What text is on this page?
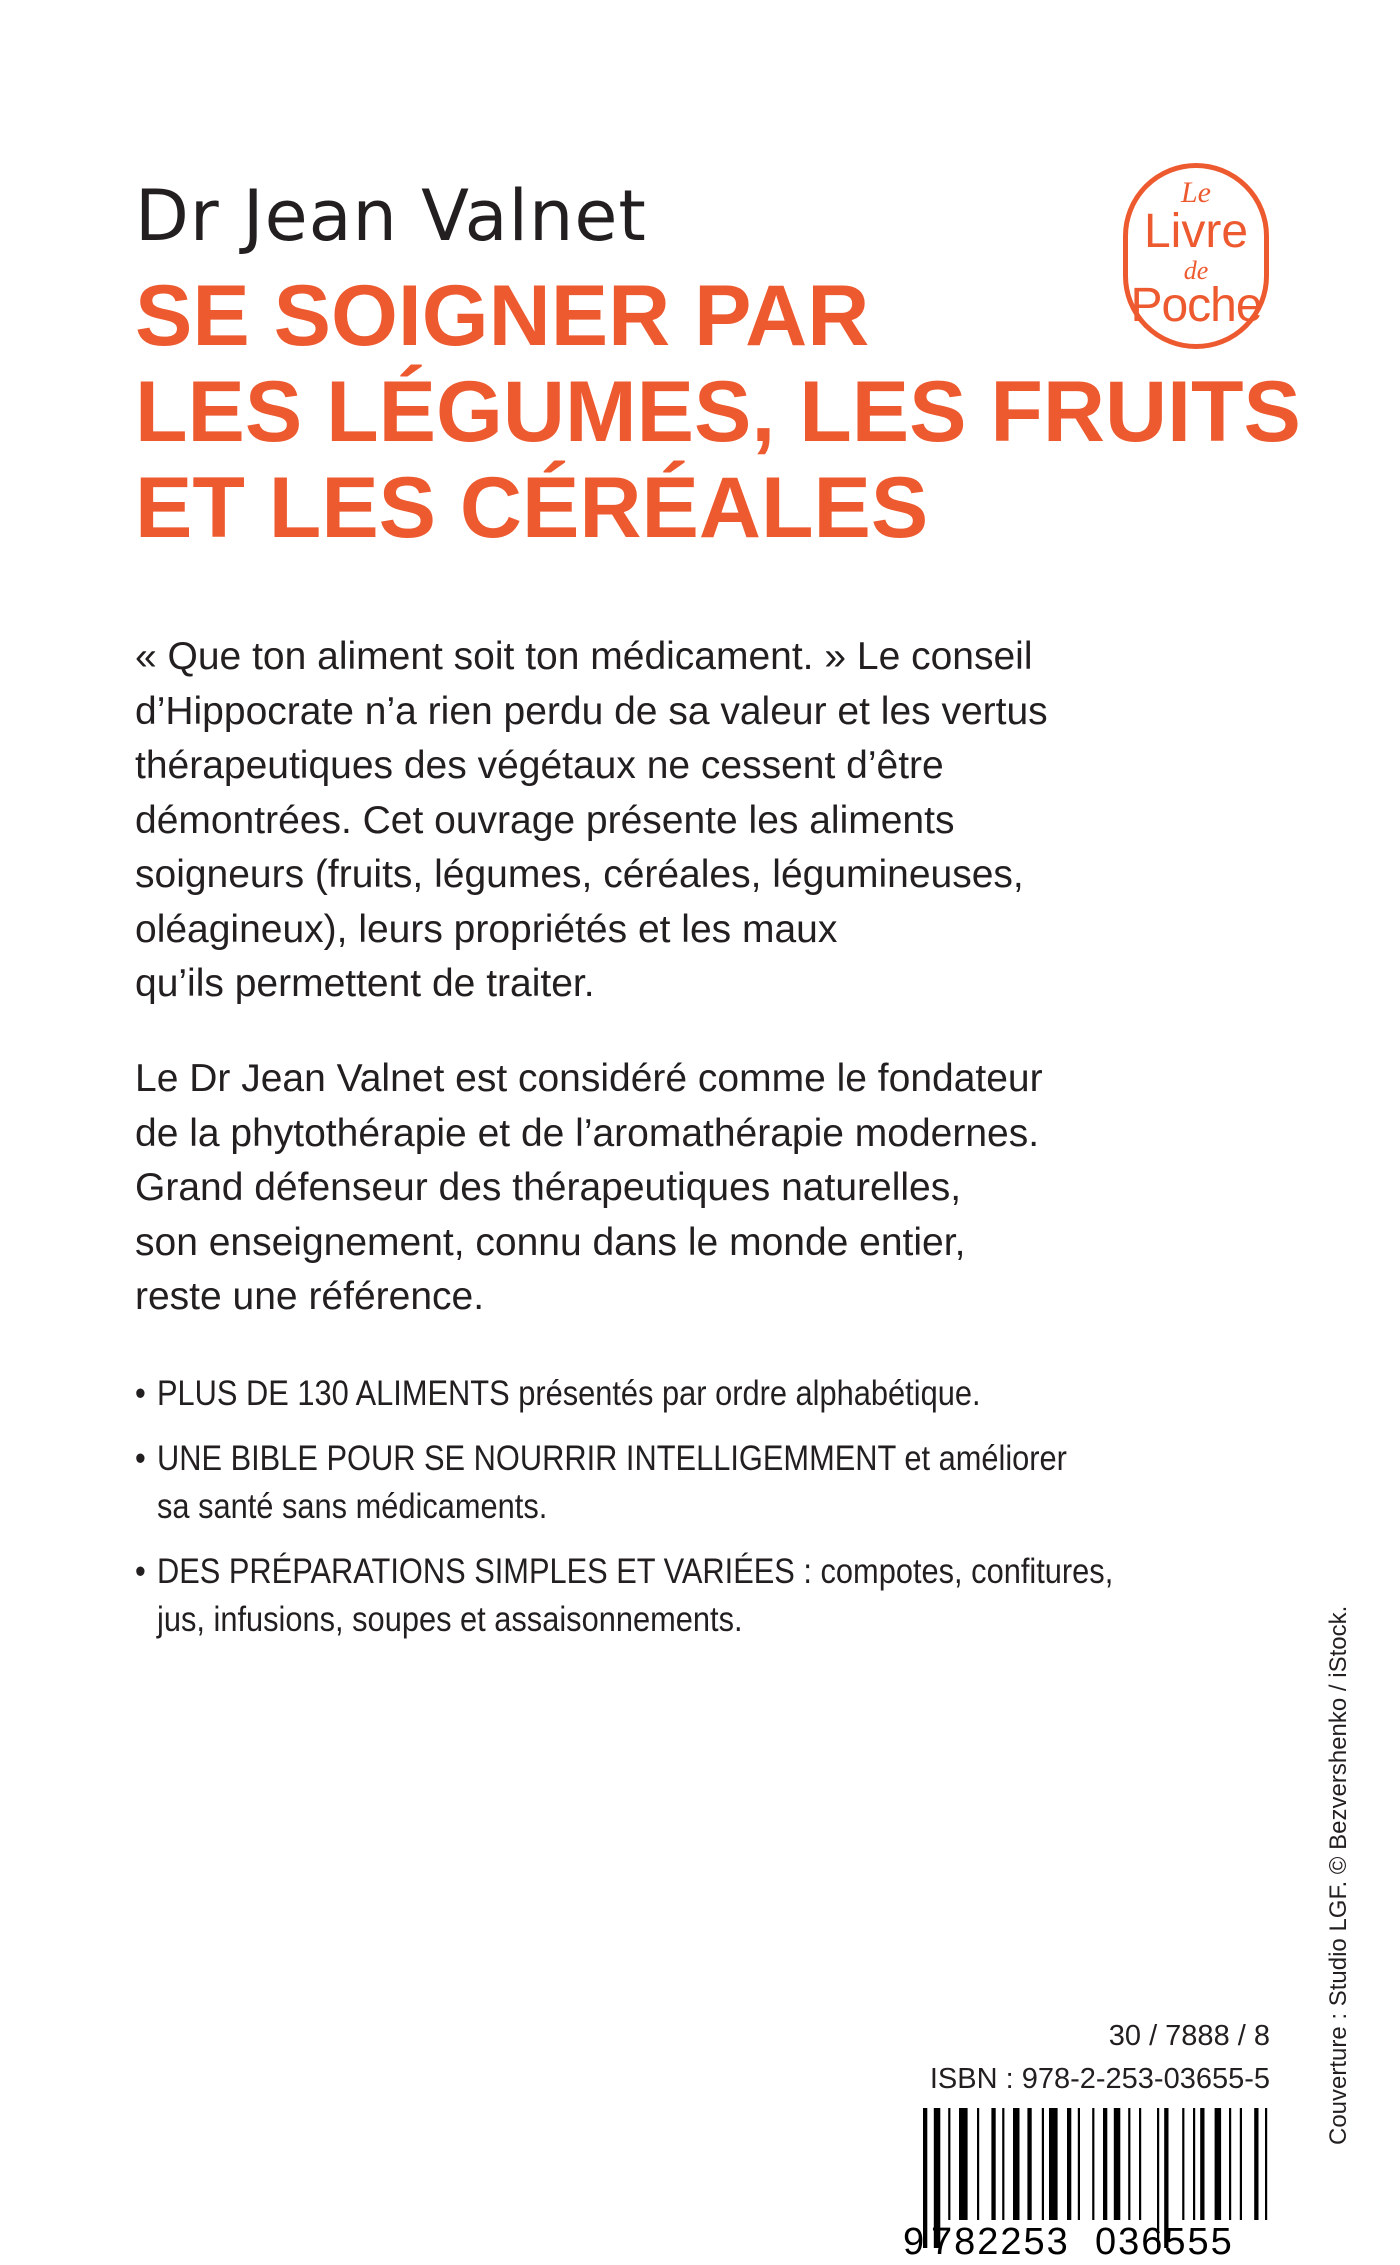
Dr Jean Valnet
SE SOIGNER PAR
LES LÉGUMES, LES FRUITS
ET LES CÉRÉALES
Le
Livre
de
Poche
« Que ton aliment soit ton médicament. » Le conseil
d’Hippocrate n’a rien perdu de sa valeur et les vertus
thérapeutiques des végétaux ne cessent d’être
démontrées. Cet ouvrage présente les aliments
soigneurs (fruits, légumes, céréales, légumineuses,
oléagineux), leurs propriétés et les maux
qu’ils permettent de traiter.
Le Dr Jean Valnet est considéré comme le fondateur
de la phytothérapie et de l’aromathérapie modernes.
Grand défenseur des thérapeutiques naturelles,
son enseignement, connu dans le monde entier,
reste une référence.
• PLUS DE 130 ALIMENTS présentés par ordre alphabétique.
• UNE BIBLE POUR SE NOURRIR INTELLIGEMMENT et améliorer
sa santé sans médicaments.
• DES PRÉPARATIONS SIMPLES ET VARIÉES : compotes, confitures,
jus, infusions, soupes et assaisonnements.	Couverture : Studio LGF. © Bezvershenko / iStock.
30 / 7888 / 8
ISBN : 978-2-253-03655-5
9 782253 036555
